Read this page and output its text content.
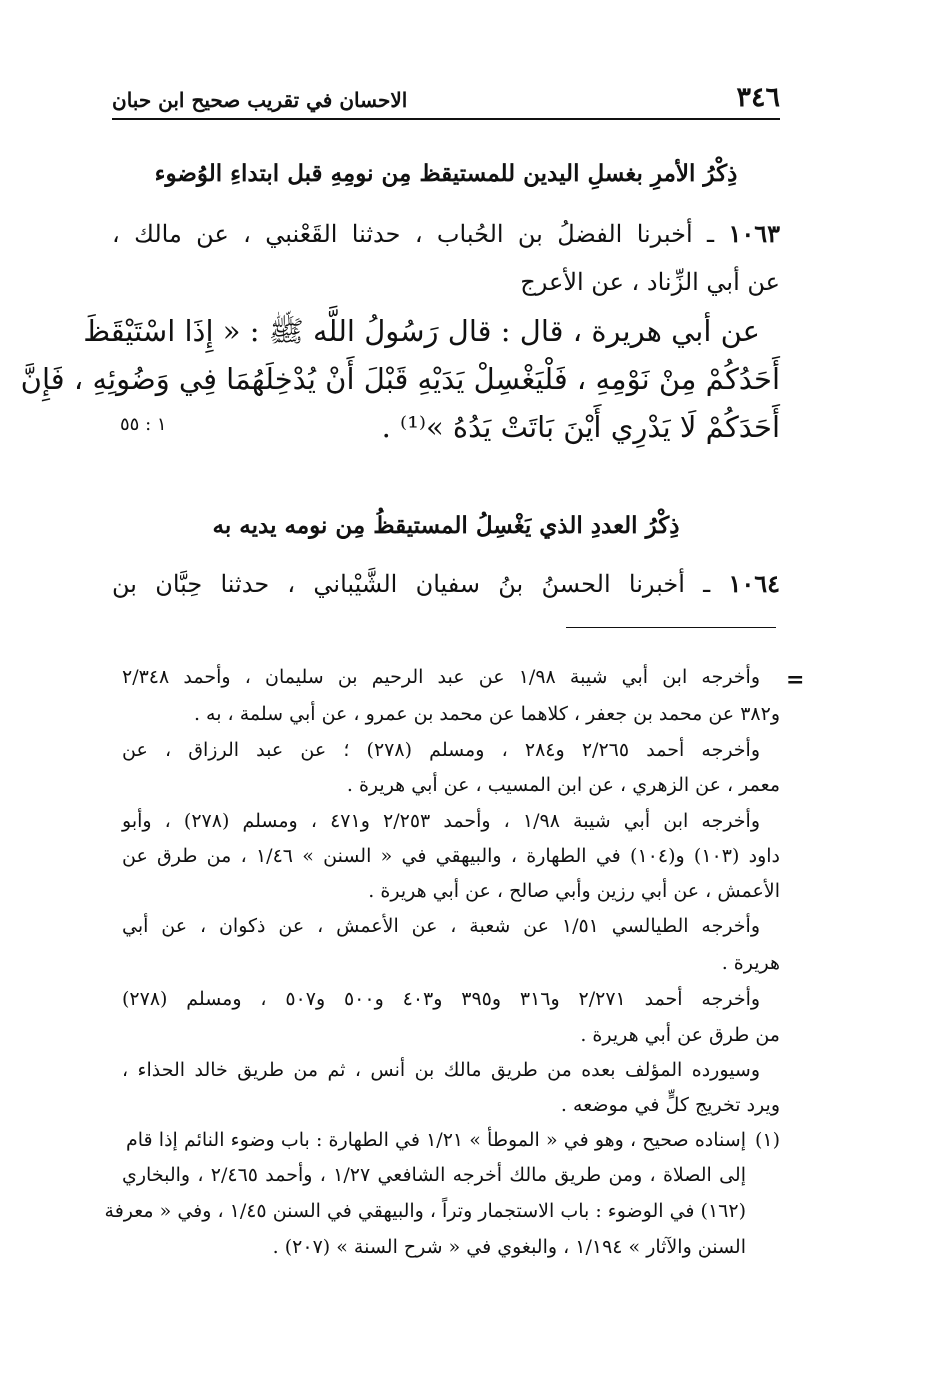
٣٤٦
الاحسان في تقريب صحيح ابن حبان
ذِكْرُ الأمرِ بغسلِ اليدين للمستيقظ مِن نومِهِ قبل ابتداءِ الوُضوء
١٠٦٣ ـ أخبرنا الفضلُ بن الحُباب ، حدثنا القَعْنبي ، عن مالك ،
عن أبي الزِّناد ، عن الأعرج
عن أبي هريرة ، قال : قال رَسُولُ اللَّه ﷺ : « إِذَا اسْتَيْقَظَ
أَحَدُكُمْ مِنْ نَوْمِهِ ، فَلْيَغْسِلْ يَدَيْهِ قَبْلَ أَنْ يُدْخِلَهُمَا فِي وَضُوئِهِ ، فَإِنَّ
أَحَدَكُمْ لَا يَدْرِي أَيْنَ بَاتَتْ يَدُهُ »⁽¹⁾ .
١ : ٥٥
ذِكْرُ العددِ الذي يَغْسِلُ المستيقظُ مِن نومه يديه به
١٠٦٤ ـ أخبرنا الحسنُ بنُ سفيان الشَّيْباني ، حدثنا حِبَّان بن
=
وأخرجه ابن أبي شيبة ١/٩٨ عن عبد الرحيم بن سليمان ، وأحمد ٢/٣٤٨
و٣٨٢ عن محمد بن جعفر ، كلاهما عن محمد بن عمرو ، عن أبي سلمة ، به .
وأخرجه أحمد ٢/٢٦٥ و٢٨٤ ، ومسلم (٢٧٨) ؛ عن عبد الرزاق ، عن
معمر ، عن الزهري ، عن ابن المسيب ، عن أبي هريرة .
وأخرجه ابن أبي شيبة ١/٩٨ ، وأحمد ٢/٢٥٣ و٤٧١ ، ومسلم (٢٧٨) ، وأبو
داود (١٠٣) و(١٠٤) في الطهارة ، والبيهقي في « السنن » ١/٤٦ ، من طرق عن
الأعمش ، عن أبي رزين وأبي صالح ، عن أبي هريرة .
وأخرجه الطيالسي ١/٥١ عن شعبة ، عن الأعمش ، عن ذكوان ، عن أبي
هريرة .
وأخرجه أحمد ٢/٢٧١ و٣١٦ و٣٩٥ و٤٠٣ و٥٠٠ و٥٠٧ ، ومسلم (٢٧٨)
من طرق عن أبي هريرة .
وسيورده المؤلف بعده من طريق مالك بن أنس ، ثم من طريق خالد الحذاء ،
ويرد تخريج كلٍّ في موضعه .
(١)
إسناده صحيح ، وهو في « الموطأ » ١/٢١ في الطهارة : باب وضوء النائم إذا قام
إلى الصلاة ، ومن طريق مالك أخرجه الشافعي ١/٢٧ ، وأحمد ٢/٤٦٥ ، والبخاري
(١٦٢) في الوضوء : باب الاستجمار وتراً ، والبيهقي في السنن ١/٤٥ ، وفي « معرفة
السنن والآثار » ١/١٩٤ ، والبغوي في « شرح السنة » (٢٠٧) .
